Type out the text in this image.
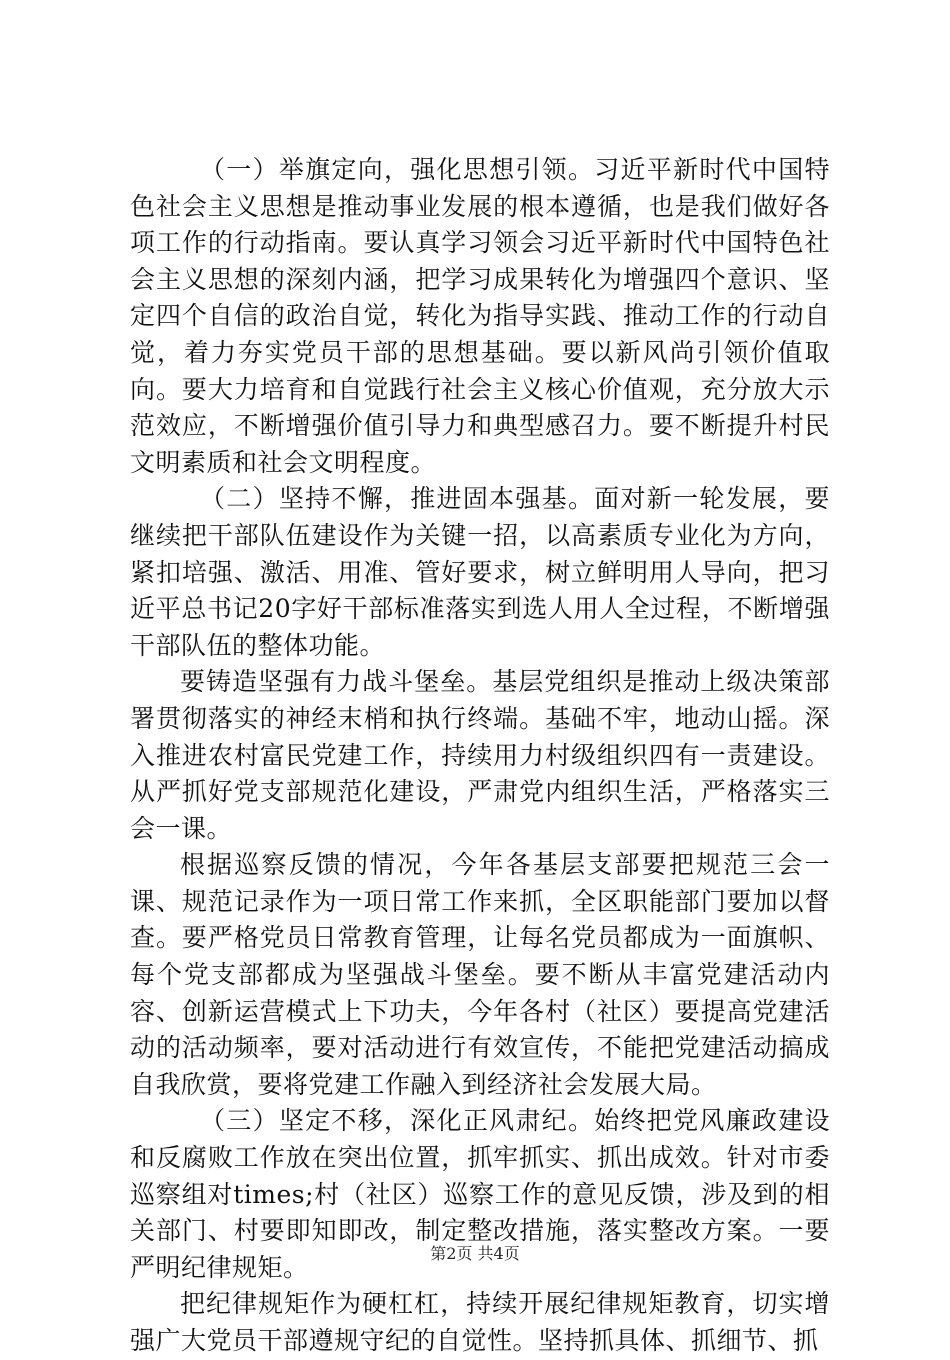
（一）举旗定向，强化思想引领。习近平新时代中国特色社会主义思想是推动事业发展的根本遵循，也是我们做好各项工作的行动指南。要认真学习领会习近平新时代中国特色社会主义思想的深刻内涵，把学习成果转化为增强四个意识、坚定四个自信的政治自觉，转化为指导实践、推动工作的行动自觉，着力夯实党员干部的思想基础。要以新风尚引领价值取向。要大力培育和自觉践行社会主义核心价值观，充分放大示范效应，不断增强价值引导力和典型感召力。要不断提升村民文明素质和社会文明程度。

（二）坚持不懈，推进固本强基。面对新一轮发展，要继续把干部队伍建设作为关键一招，以高素质专业化为方向，紧扣培强、激活、用准、管好要求，树立鲜明用人导向，把习近平总书记20字好干部标准落实到选人用人全过程，不断增强干部队伍的整体功能。

要铸造坚强有力战斗堡垒。基层党组织是推动上级决策部署贯彻落实的神经末梢和执行终端。基础不牢，地动山摇。深入推进农村富民党建工作，持续用力村级组织四有一责建设。从严抓好党支部规范化建设，严肃党内组织生活，严格落实三会一课。

根据巡察反馈的情况，今年各基层支部要把规范三会一课、规范记录作为一项日常工作来抓，全区职能部门要加以督查。要严格党员日常教育管理，让每名党员都成为一面旗帜、每个党支部都成为坚强战斗堡垒。要不断从丰富党建活动内容、创新运营模式上下功夫，今年各村（社区）要提高党建活动的活动频率，要对活动进行有效宣传，不能把党建活动搞成自我欣赏，要将党建工作融入到经济社会发展大局。

（三）坚定不移，深化正风肃纪。始终把党风廉政建设和反腐败工作放在突出位置，抓牢抓实、抓出成效。针对市委巡察组对times;村（社区）巡察工作的意见反馈，涉及到的相关部门、村要即知即改，制定整改措施，落实整改方案。一要严明纪律规矩。

把纪律规矩作为硬杠杠，持续开展纪律规矩教育，切实增强广大党员干部遵规守纪的自觉性。坚持抓具体、抓细节、抓

第2页 共4页
